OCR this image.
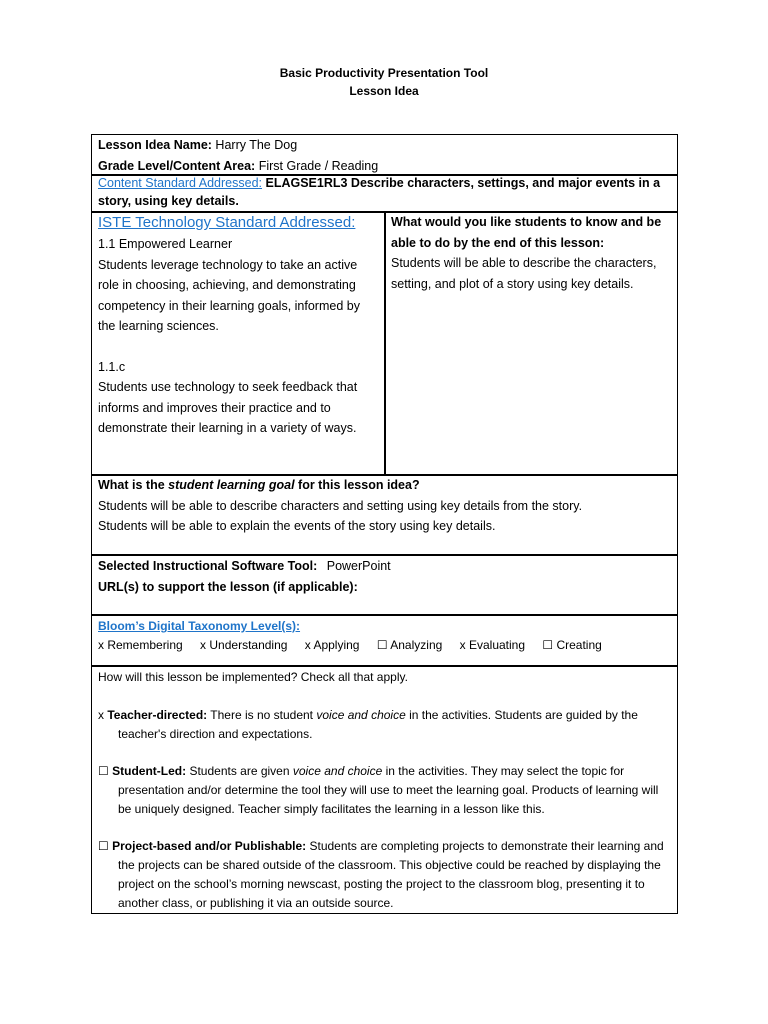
Basic Productivity Presentation Tool
Lesson Idea
Lesson Idea Name: Harry The Dog
Grade Level/Content Area: First Grade / Reading
Content Standard Addressed: ELAGSE1RL3 Describe characters, settings, and major events in a story, using key details.
ISTE Technology Standard Addressed:
1.1 Empowered Learner
Students leverage technology to take an active role in choosing, achieving, and demonstrating competency in their learning goals, informed by the learning sciences.
1.1.c
Students use technology to seek feedback that informs and improves their practice and to demonstrate their learning in a variety of ways.
What would you like students to know and be able to do by the end of this lesson:
Students will be able to describe the characters, setting, and plot of a story using key details.
What is the student learning goal for this lesson idea?
Students will be able to describe characters and setting using key details from the story.
Students will be able to explain the events of the story using key details.
Selected Instructional Software Tool: PowerPoint
URL(s) to support the lesson (if applicable):
Bloom’s Digital Taxonomy Level(s):
x Remembering x Understanding x Applying ☐ Analyzing x Evaluating ☐ Creating
How will this lesson be implemented? Check all that apply.

x Teacher-directed: There is no student voice and choice in the activities. Students are guided by the teacher's direction and expectations.

☐ Student-Led: Students are given voice and choice in the activities. They may select the topic for presentation and/or determine the tool they will use to meet the learning goal. Products of learning will be uniquely designed. Teacher simply facilitates the learning in a lesson like this.

☐ Project-based and/or Publishable: Students are completing projects to demonstrate their learning and the projects can be shared outside of the classroom. This objective could be reached by displaying the project on the school’s morning newscast, posting the project to the classroom blog, presenting it to another class, or publishing it via an outside source.
